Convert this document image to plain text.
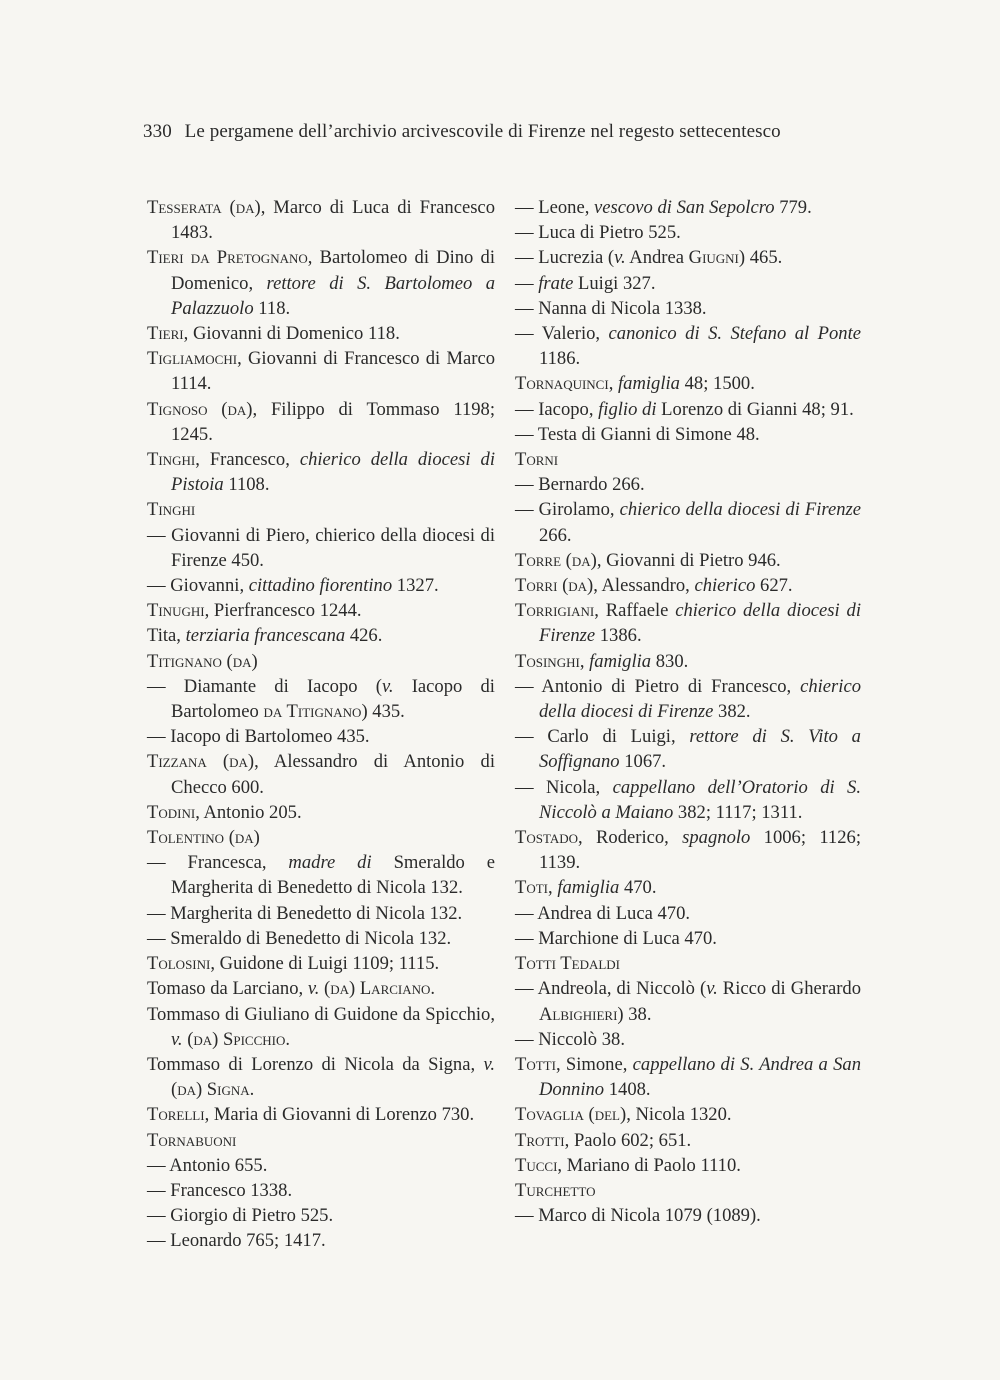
330 Le pergamene dell’archivio arcivescovile di Firenze nel regesto settecentesco
Tesserata (da), Marco di Luca di Francesco 1483.
Tieri da Pretognano, Bartolomeo di Dino di Domenico, rettore di S. Bartolomeo a Palazzuolo 118.
Tieri, Giovanni di Domenico 118.
Tigliamochi, Giovanni di Francesco di Marco 1114.
Tignoso (da), Filippo di Tommaso 1198; 1245.
Tinghi, Francesco, chierico della diocesi di Pistoia 1108.
Tinghi
— Giovanni di Piero, chierico della diocesi di Firenze 450.
— Giovanni, cittadino fiorentino 1327.
Tinughi, Pierfrancesco 1244.
Tita, terziaria francescana 426.
Titignano (da)
— Diamante di Iacopo (v. Iacopo di Bartolomeo da Titignano) 435.
— Iacopo di Bartolomeo 435.
Tizzana (da), Alessandro di Antonio di Checco 600.
Todini, Antonio 205.
Tolentino (da)
— Francesca, madre di Smeraldo e Margherita di Benedetto di Nicola 132.
— Margherita di Benedetto di Nicola 132.
— Smeraldo di Benedetto di Nicola 132.
Tolosini, Guidone di Luigi 1109; 1115.
Tomaso da Larciano, v. (da) Larciano.
Tommaso di Giuliano di Guidone da Spicchio, v. (da) Spicchio.
Tommaso di Lorenzo di Nicola da Signa, v. (da) Signa.
Torelli, Maria di Giovanni di Lorenzo 730.
Tornabuoni
— Antonio 655.
— Francesco 1338.
— Giorgio di Pietro 525.
— Leonardo 765; 1417.
— Leone, vescovo di San Sepolcro 779.
— Luca di Pietro 525.
— Lucrezia (v. Andrea Giugni) 465.
— frate Luigi 327.
— Nanna di Nicola 1338.
— Valerio, canonico di S. Stefano al Ponte 1186.
Tornaquinci, famiglia 48; 1500.
— Iacopo, figlio di Lorenzo di Gianni 48; 91.
— Testa di Gianni di Simone 48.
Torni
— Bernardo 266.
— Girolamo, chierico della diocesi di Firenze 266.
Torre (da), Giovanni di Pietro 946.
Torri (da), Alessandro, chierico 627.
Torrigiani, Raffaele chierico della diocesi di Firenze 1386.
Tosinghi, famiglia 830.
— Antonio di Pietro di Francesco, chierico della diocesi di Firenze 382.
— Carlo di Luigi, rettore di S. Vito a Soffignano 1067.
— Nicola, cappellano dell’Oratorio di S. Niccolò a Maiano 382; 1117; 1311.
Tostado, Roderico, spagnolo 1006; 1126; 1139.
Toti, famiglia 470.
— Andrea di Luca 470.
— Marchione di Luca 470.
Totti Tedaldi
— Andreola, di Niccolò (v. Ricco di Gherardo Albighieri) 38.
— Niccolò 38.
Totti, Simone, cappellano di S. Andrea a San Donnino 1408.
Tovaglia (del), Nicola 1320.
Trotti, Paolo 602; 651.
Tucci, Mariano di Paolo 1110.
Turchetto
— Marco di Nicola 1079 (1089).
